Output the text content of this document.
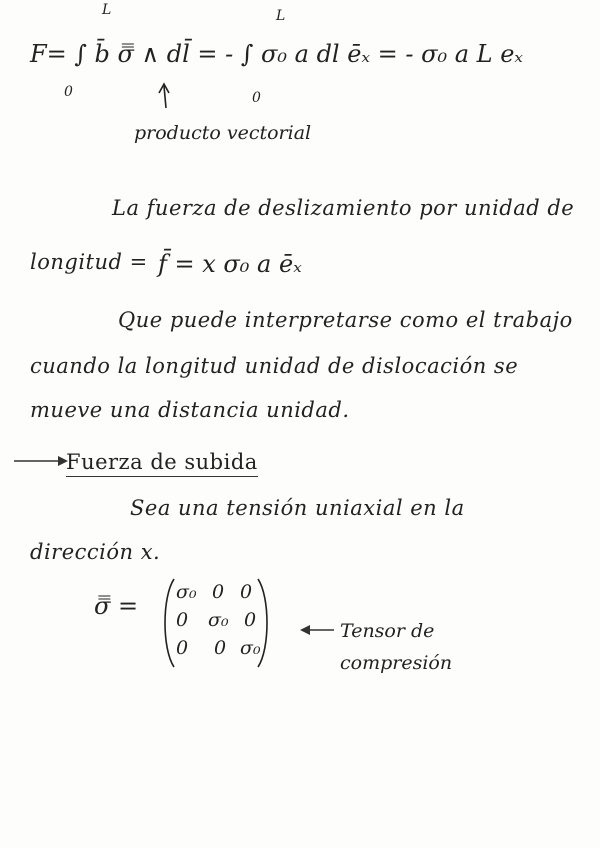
F= ∫ b̄ σ̿ ∧ dl̄ = - ∫ σ₀ a dl ēₓ = - σ₀ a L eₓ
0
L
0
L
producto vectorial
La fuerza de deslizamiento por unidad de
longitud = f̄ = x σ₀ a ēₓ
Que puede interpretarse como el trabajo
cuando la longitud unidad de dislocación se
mueve una distancia unidad.
Fuerza de subida
Sea una tensión uniaxial en la
dirección x.
σ̿ = σ₀ 0 0
0 σ₀ 0
0 0 σ₀
Tensor de
compresión
